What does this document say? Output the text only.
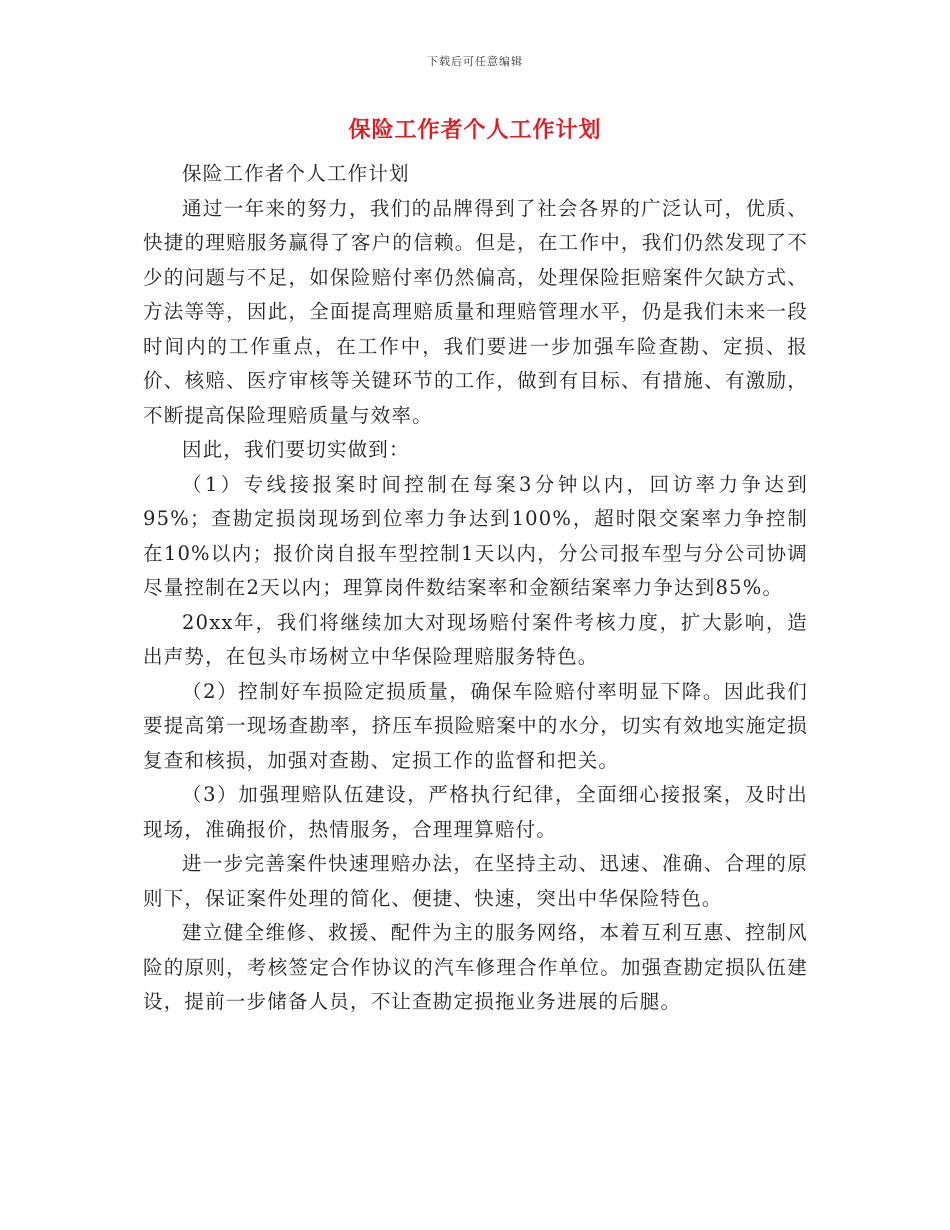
下载后可任意编辑
保险工作者个人工作计划

保险工作者个人工作计划

通过一年来的努力，我们的品牌得到了社会各界的广泛认可，优质、快捷的理赔服务赢得了客户的信赖。但是，在工作中，我们仍然发现了不少的问题与不足，如保险赔付率仍然偏高，处理保险拒赔案件欠缺方式、方法等等，因此，全面提高理赔质量和理赔管理水平，仍是我们未来一段时间内的工作重点，在工作中，我们要进一步加强车险查勘、定损、报价、核赔、医疗审核等关键环节的工作，做到有目标、有措施、有激励，不断提高保险理赔质量与效率。

因此，我们要切实做到：

（1）专线接报案时间控制在每案3分钟以内，回访率力争达到95%；查勘定损岗现场到位率力争达到100%，超时限交案率力争控制在10%以内；报价岗自报车型控制1天以内，分公司报车型与分公司协调尽量控制在2天以内；理算岗件数结案率和金额结案率力争达到85%。

20xx年，我们将继续加大对现场赔付案件考核力度，扩大影响，造出声势，在包头市场树立中华保险理赔服务特色。

（2）控制好车损险定损质量，确保车险赔付率明显下降。因此我们要提高第一现场查勘率，挤压车损险赔案中的水分，切实有效地实施定损复查和核损，加强对查勘、定损工作的监督和把关。

（3）加强理赔队伍建设，严格执行纪律，全面细心接报案，及时出现场，准确报价，热情服务，合理理算赔付。

进一步完善案件快速理赔办法，在坚持主动、迅速、准确、合理的原则下，保证案件处理的简化、便捷、快速，突出中华保险特色。

建立健全维修、救援、配件为主的服务网络，本着互利互惠、控制风险的原则，考核签定合作协议的汽车修理合作单位。加强查勘定损队伍建设，提前一步储备人员，不让查勘定损拖业务进展的后腿。
